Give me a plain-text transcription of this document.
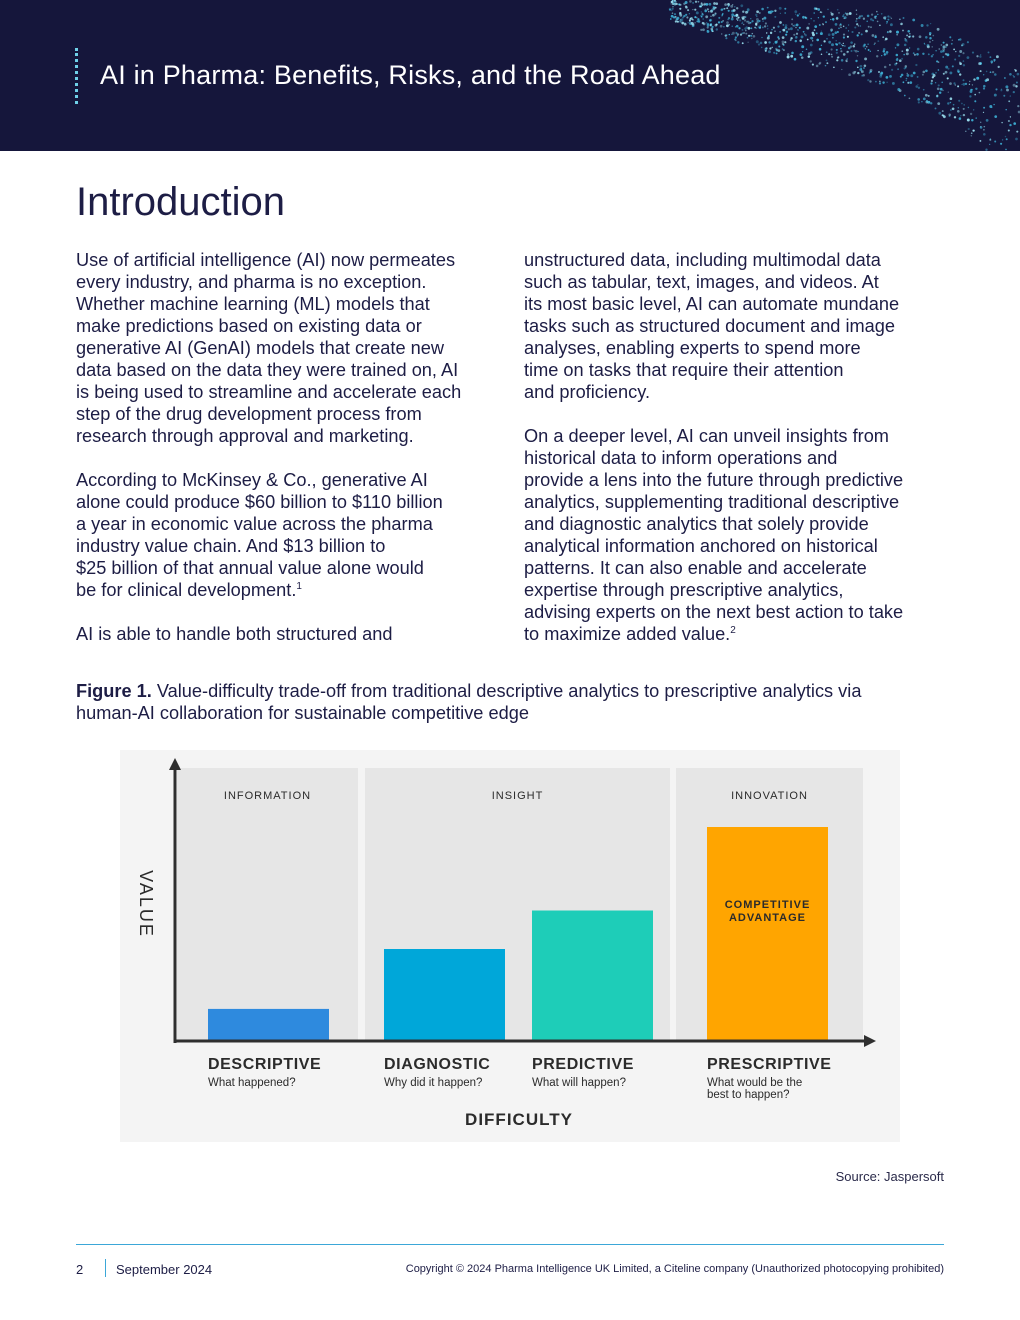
AI in Pharma: Benefits, Risks, and the Road Ahead
Introduction

Use of artificial intelligence (AI) now permeates
every industry, and pharma is no exception.
Whether machine learning (ML) models that
make predictions based on existing data or
generative AI (GenAI) models that create new
data based on the data they were trained on, AI
is being used to streamline and accelerate each
step of the drug development process from
research through approval and marketing.

According to McKinsey & Co., generative AI
alone could produce $60 billion to $110 billion
a year in economic value across the pharma
industry value chain. And $13 billion to
$25 billion of that annual value alone would
be for clinical development.$^1$

AI is able to handle both structured and

unstructured data, including multimodal data
such as tabular, text, images, and videos. At
its most basic level, AI can automate mundane
tasks such as structured document and image
analyses, enabling experts to spend more
time on tasks that require their attention
and proficiency.

On a deeper level, AI can unveil insights from
historical data to inform operations and
provide a lens into the future through predictive
analytics, supplementing traditional descriptive
and diagnostic analytics that solely provide
analytical information anchored on historical
patterns. It can also enable and accelerate
expertise through prescriptive analytics,
advising experts on the next best action to take
to maximize added value.$^2$

Figure 1. Value-difficulty trade-off from traditional descriptive analytics to prescriptive analytics via
human-AI collaboration for sustainable competitive edge
INFORMATION	INSIGHT	INNOVATION
COMPETITIVE
ADVANTAGE
VALUE
DESCRIPTIVE
What happened?
DIAGNOSTIC
Why did it happen?
PREDICTIVE
What will happen?
PRESCRIPTIVE
What would be the
best to happen?
DIFFICULTY
Source: Jaspersoft
2	September 2024	Copyright © 2024 Pharma Intelligence UK Limited, a Citeline company (Unauthorized photocopying prohibited)
